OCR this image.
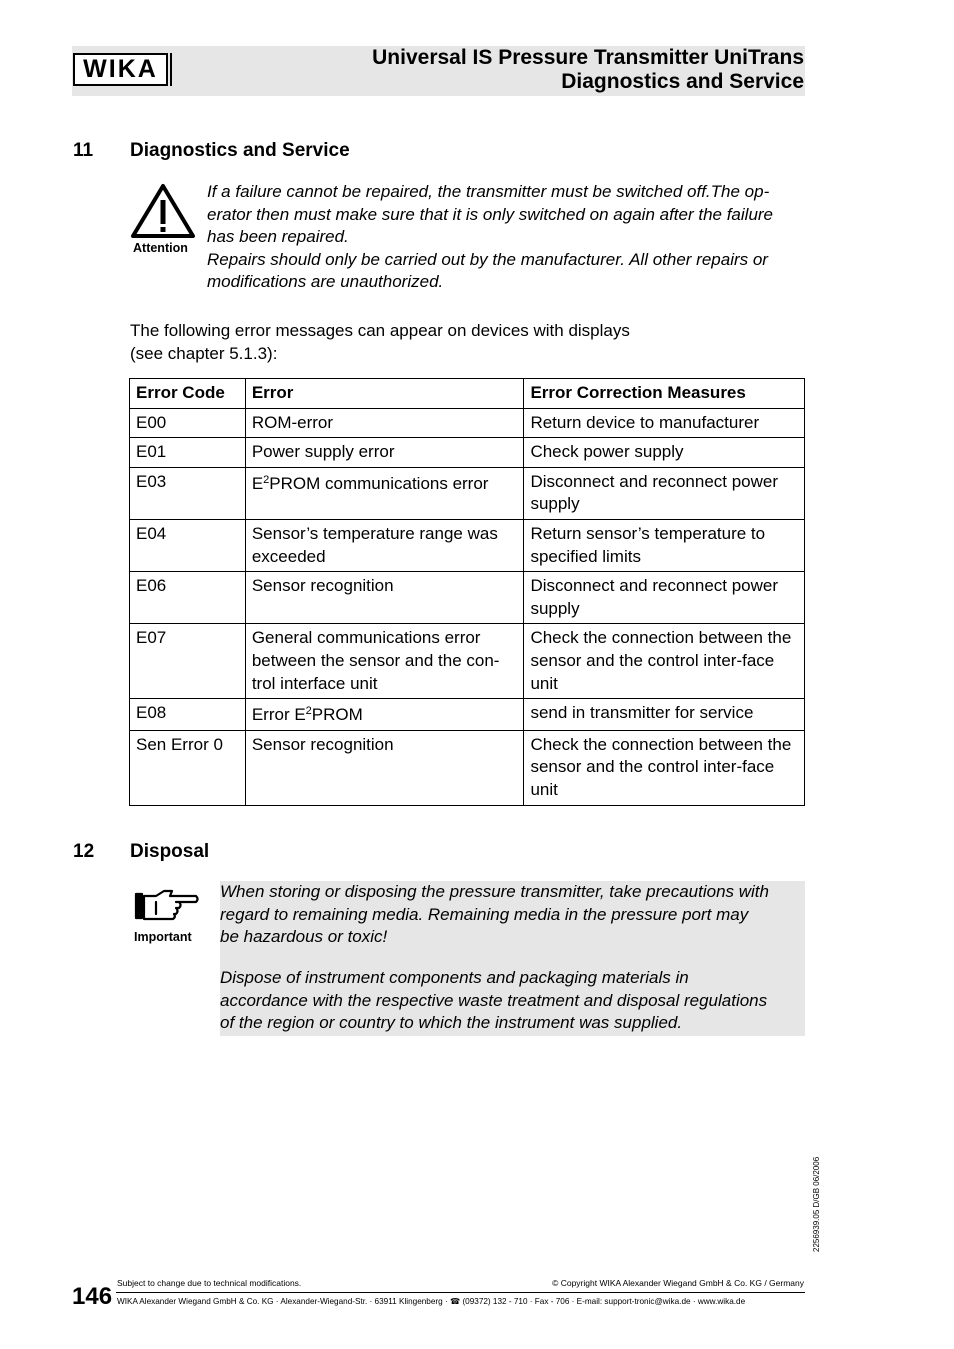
WIKA	Universal IS Pressure Transmitter UniTrans
Diagnostics and Service
11 Diagnostics and Service
Attention
If a failure cannot be repaired, the transmitter must be switched off.The op-
erator then must make sure that it is only switched on again after the failure
has been repaired.
Repairs should only be carried out by the manufacturer. All other repairs or
modifications are unauthorized.
The following error messages can appear on devices with displays
(see chapter 5.1.3):
Error Code	Error	Error Correction Measures
E00	ROM-error	Return device to manufacturer
E01	Power supply error	Check power supply
E03	$E^2PROM$ communications error	Disconnect and reconnect power supply
E04	Sensor’s temperature range was exceeded	Return sensor’s temperature to specified limits
E06	Sensor recognition	Disconnect and reconnect power supply
E07	General communications error between the sensor and the con-trol interface unit	Check the connection between the sensor and the control inter-face unit
E08	Error $E^2PROM$	send in transmitter for service
Sen Error 0	Sensor recognition	Check the connection between the sensor and the control inter-face unit
12 Disposal
Important
When storing or disposing the pressure transmitter, take precautions with
regard to remaining media. Remaining media in the pressure port may
be hazardous or toxic!
Dispose of instrument components and packaging materials in
accordance with the respective waste treatment and disposal regulations
of the region or country to which the instrument was supplied.
2256939.05 D/GB 06/2006
146 Subject to change due to technical modifications.	© Copyright WIKA Alexander Wiegand GmbH & Co. KG / Germany
WIKA Alexander Wiegand GmbH & Co. KG · Alexander-Wiegand-Str. · 63911 Klingenberg · ☎ (09372) 132 - 710 · Fax - 706 · E-mail: support-tronic@wika.de · www.wika.de
